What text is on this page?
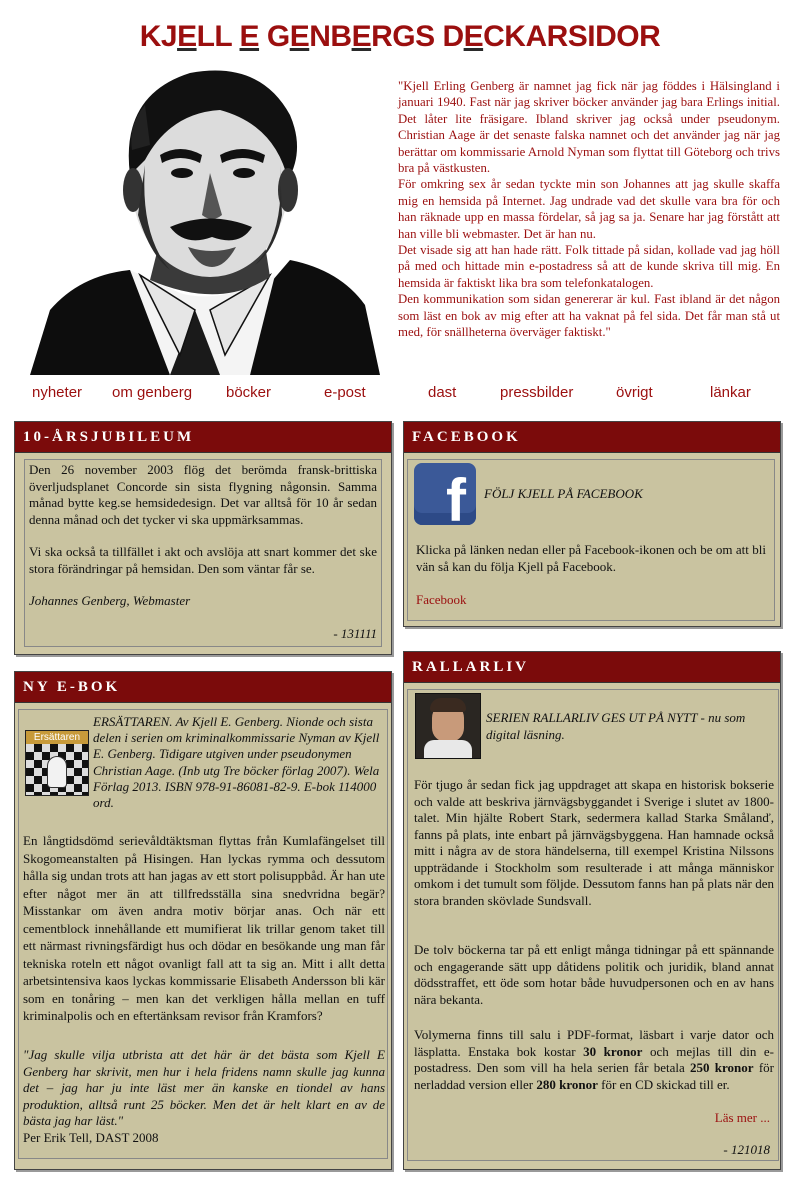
KJELL E GENBERGS DECKARSIDOR

"Kjell Erling Genberg är namnet jag fick när jag föddes i Hälsingland i januari 1940. Fast när jag skriver böcker använder jag bara Erlings initial. Det låter lite fräsigare. Ibland skriver jag också under pseudonym. Christian Aage är det senaste falska namnet och det använder jag när jag berättar om kommissarie Arnold Nyman som flyttat till Göteborg och trivs bra på västkusten.

För omkring sex år sedan tyckte min son Johannes att jag skulle skaffa mig en hemsida på Internet. Jag undrade vad det skulle vara bra för och han räknade upp en massa fördelar, så jag sa ja. Senare har jag förstått att han ville bli webmaster. Det är han nu.

Det visade sig att han hade rätt. Folk tittade på sidan, kollade vad jag höll på med och hittade min e-postadress så att de kunde skriva till mig. En hemsida är faktiskt lika bra som telefonkatalogen.

Den kommunikation som sidan genererar är kul. Fast ibland är det någon som läst en bok av mig efter att ha vaknat på fel sida. Det får man stå ut med, för snällheterna överväger faktiskt."

nyheter om genberg böcker	e-post	dast	pressbilder	övrigt	länkar
10-ÅRSJUBILEUM

Den 26 november 2003 flög det berömda fransk-brittiska överljudsplanet Concorde sin sista flygning någonsin. Samma månad bytte keg.se hemsidedesign. Det var alltså för 10 år sedan denna månad och det tycker vi ska uppmärksammas.

Vi ska också ta tillfället i akt och avslöja att snart kommer det ske stora förändringar på hemsidan. Den som väntar får se.

Johannes Genberg, Webmaster

- 131111

FACEBOOK
f FÖLJ KJELL PÅ FACEBOOK

Klicka på länken nedan eller på Facebook-ikonen och be om att bli vän så kan du följa Kjell på Facebook.

Facebook

NY E-BOK
Ersättaren

ERSÄTTAREN. Av Kjell E. Genberg. Nionde och sista delen i serien om kriminalkommissarie Nyman av Kjell E. Genberg. Tidigare utgiven under pseudonymen Christian Aage. (Inb utg Tre böcker förlag 2007). Wela Förlag 2013. ISBN 978-91-86081-82-9. E-bok 114000 ord.

En långtidsdömd serievåldtäktsman flyttas från Kumlafängelset till Skogomeanstalten på Hisingen. Han lyckas rymma och dessutom hålla sig undan trots att han jagas av ett stort polisuppbåd. Är han ute efter något mer än att tillfredsställa sina snedvridna begär? Misstankar om även andra motiv börjar anas. Och när ett cementblock innehållande ett mumifierat lik trillar genom taket till ett närmast rivningsfärdigt hus och dödar en besökande ung man får tekniska roteln ett något ovanligt fall att ta sig an. Mitt i allt detta arbetsintensiva kaos lyckas kommissarie Elisabeth Andersson bli kär som en tonåring – men kan det verkligen hålla mellan en tuff kriminalpolis och en eftertänksam revisor från Kramfors?

"Jag skulle vilja utbrista att det här är det bästa som Kjell E Genberg har skrivit, men hur i hela fridens namn skulle jag kunna det – jag har ju inte läst mer än kanske en tiondel av hans produktion, alltså runt 25 böcker. Men det är helt klart en av de bästa jag har läst."

Per Erik Tell, DAST 2008

RALLARLIV

SERIEN RALLARLIV GES UT PÅ NYTT - nu som digital läsning.

För tjugo år sedan fick jag uppdraget att skapa en historisk bokserie och valde att beskriva järnvägsbyggandet i Sverige i slutet av 1800-talet. Min hjälte Robert Stark, sedermera kallad Starka Smålanď, fanns på plats, inte enbart på järnvägsbyggena. Han hamnade också mitt i några av de stora händelserna, till exempel Kristina Nilssons uppträdande i Stockholm som resulterade i att många människor omkom i det tumult som följde. Dessutom fanns han på plats när den stora branden skövlade Sundsvall.

De tolv böckerna tar på ett enligt många tidningar på ett spännande och engagerande sätt upp dåtidens politik och juridik, bland annat dödsstraffet, ett öde som hotar både huvudpersonen och en av hans nära bekanta.

Volymerna finns till salu i PDF-format, läsbart i varje dator och läsplatta. Enstaka bok kostar 30 kronor och mejlas till din e-postadress. Den som vill ha hela serien får betala 250 kronor för nerladdad version eller 280 kronor för en CD skickad till er.

Läs mer ...

- 121018
